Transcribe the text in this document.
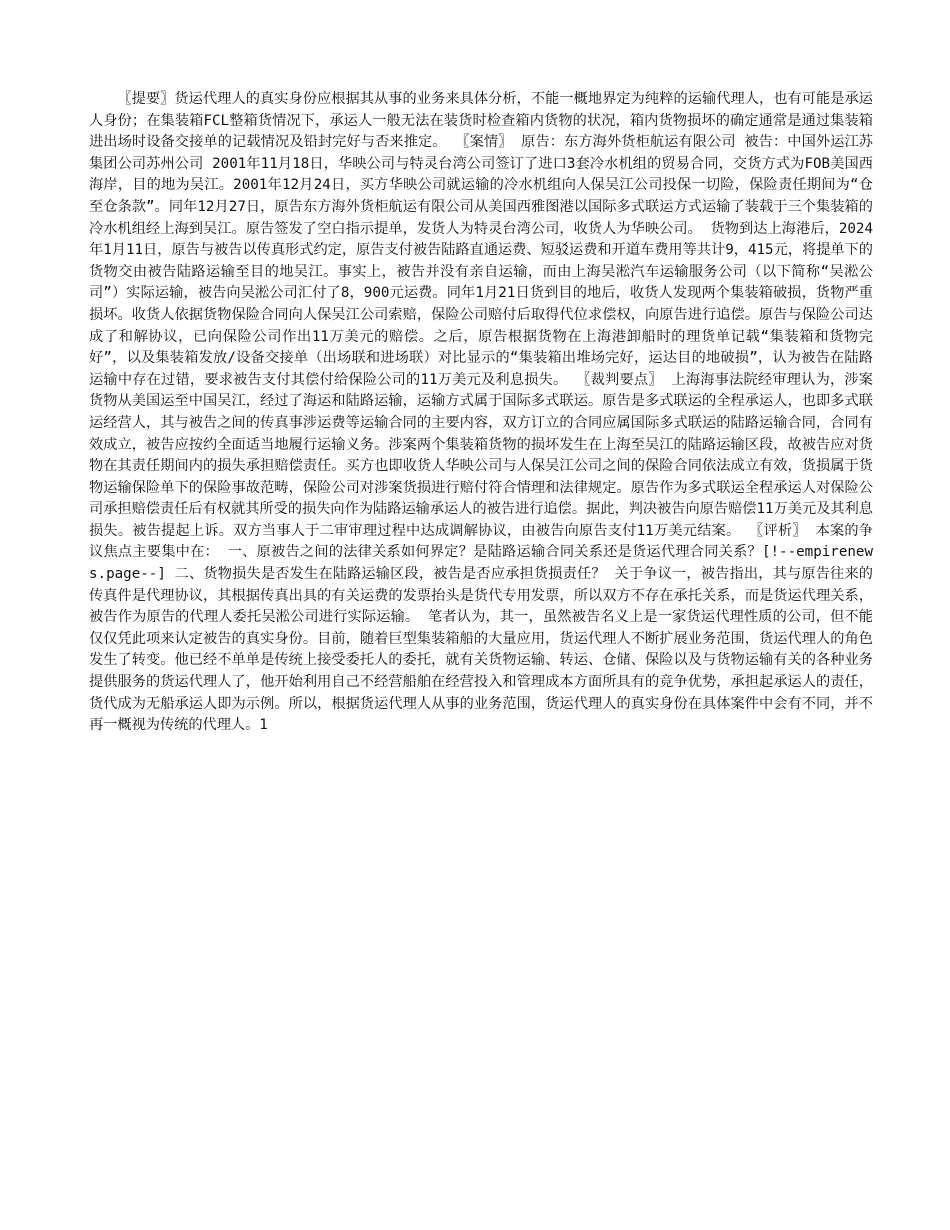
〖提要〗货运代理人的真实身份应根据其从事的业务来具体分析，不能一概地界定为纯粹的运输代理人，也有可能是承运人身份；在集装箱FCL整箱货情况下，承运人一般无法在装货时检查箱内货物的状况，箱内货物损坏的确定通常是通过集装箱进出场时设备交接单的记载情况及铅封完好与否来推定。 〖案情〗 原告：东方海外货柜航运有限公司 被告：中国外运江苏集团公司苏州公司 2001年11月18日，华映公司与特灵台湾公司签订了进口3套冷水机组的贸易合同，交货方式为FOB美国西海岸，目的地为吴江。2001年12月24日，买方华映公司就运输的冷水机组向人保吴江公司投保一切险，保险责任期间为“仓至仓条款”。同年12月27日，原告东方海外货柜航运有限公司从美国西雅图港以国际多式联运方式运输了装载于三个集装箱的冷水机组经上海到吴江。原告签发了空白指示提单，发货人为特灵台湾公司，收货人为华映公司。 货物到达上海港后，2024年1月11日，原告与被告以传真形式约定，原告支付被告陆路直通运费、短驳运费和开道车费用等共计9，415元，将提单下的货物交由被告陆路运输至目的地吴江。事实上，被告并没有亲自运输，而由上海吴淞汽车运输服务公司（以下简称“吴淞公司”）实际运输，被告向吴淞公司汇付了8，900元运费。同年1月21日货到目的地后，收货人发现两个集装箱破损，货物严重损坏。收货人依据货物保险合同向人保吴江公司索赔，保险公司赔付后取得代位求偿权，向原告进行追偿。原告与保险公司达成了和解协议，已向保险公司作出11万美元的赔偿。之后，原告根据货物在上海港卸船时的理货单记载“集装箱和货物完好”，以及集装箱发放/设备交接单（出场联和进场联）对比显示的“集装箱出堆场完好，运达目的地破损”，认为被告在陆路运输中存在过错，要求被告支付其偿付给保险公司的11万美元及利息损失。 〖裁判要点〗 上海海事法院经审理认为，涉案货物从美国运至中国吴江，经过了海运和陆路运输，运输方式属于国际多式联运。原告是多式联运的全程承运人，也即多式联运经营人，其与被告之间的传真事涉运费等运输合同的主要内容，双方订立的合同应属国际多式联运的陆路运输合同，合同有效成立，被告应按约全面适当地履行运输义务。涉案两个集装箱货物的损坏发生在上海至吴江的陆路运输区段，故被告应对货物在其责任期间内的损失承担赔偿责任。买方也即收货人华映公司与人保吴江公司之间的保险合同依法成立有效，货损属于货物运输保险单下的保险事故范畴，保险公司对涉案货损进行赔付符合情理和法律规定。原告作为多式联运全程承运人对保险公司承担赔偿责任后有权就其所受的损失向作为陆路运输承运人的被告进行追偿。据此，判决被告向原告赔偿11万美元及其利息损失。被告提起上诉。双方当事人于二审审理过程中达成调解协议，由被告向原告支付11万美元结案。 〖评析〗 本案的争议焦点主要集中在： 一、原被告之间的法律关系如何界定？是陆路运输合同关系还是货运代理合同关系？[!--empirenews.page--] 二、货物损失是否发生在陆路运输区段，被告是否应承担货损责任？ 关于争议一，被告指出，其与原告往来的传真件是代理协议，其根据传真出具的有关运费的发票抬头是货代专用发票，所以双方不存在承托关系，而是货运代理关系，被告作为原告的代理人委托吴淞公司进行实际运输。 笔者认为，其一，虽然被告名义上是一家货运代理性质的公司，但不能仅仅凭此项来认定被告的真实身份。目前，随着巨型集装箱船的大量应用，货运代理人不断扩展业务范围，货运代理人的角色发生了转变。他已经不单单是传统上接受委托人的委托，就有关货物运输、转运、仓储、保险以及与货物运输有关的各种业务提供服务的货运代理人了，他开始利用自己不经营船舶在经营投入和管理成本方面所具有的竞争优势，承担起承运人的责任，货代成为无船承运人即为示例。所以，根据货运代理人从事的业务范围，货运代理人的真实身份在具体案件中会有不同，并不再一概视为传统的代理人。1
